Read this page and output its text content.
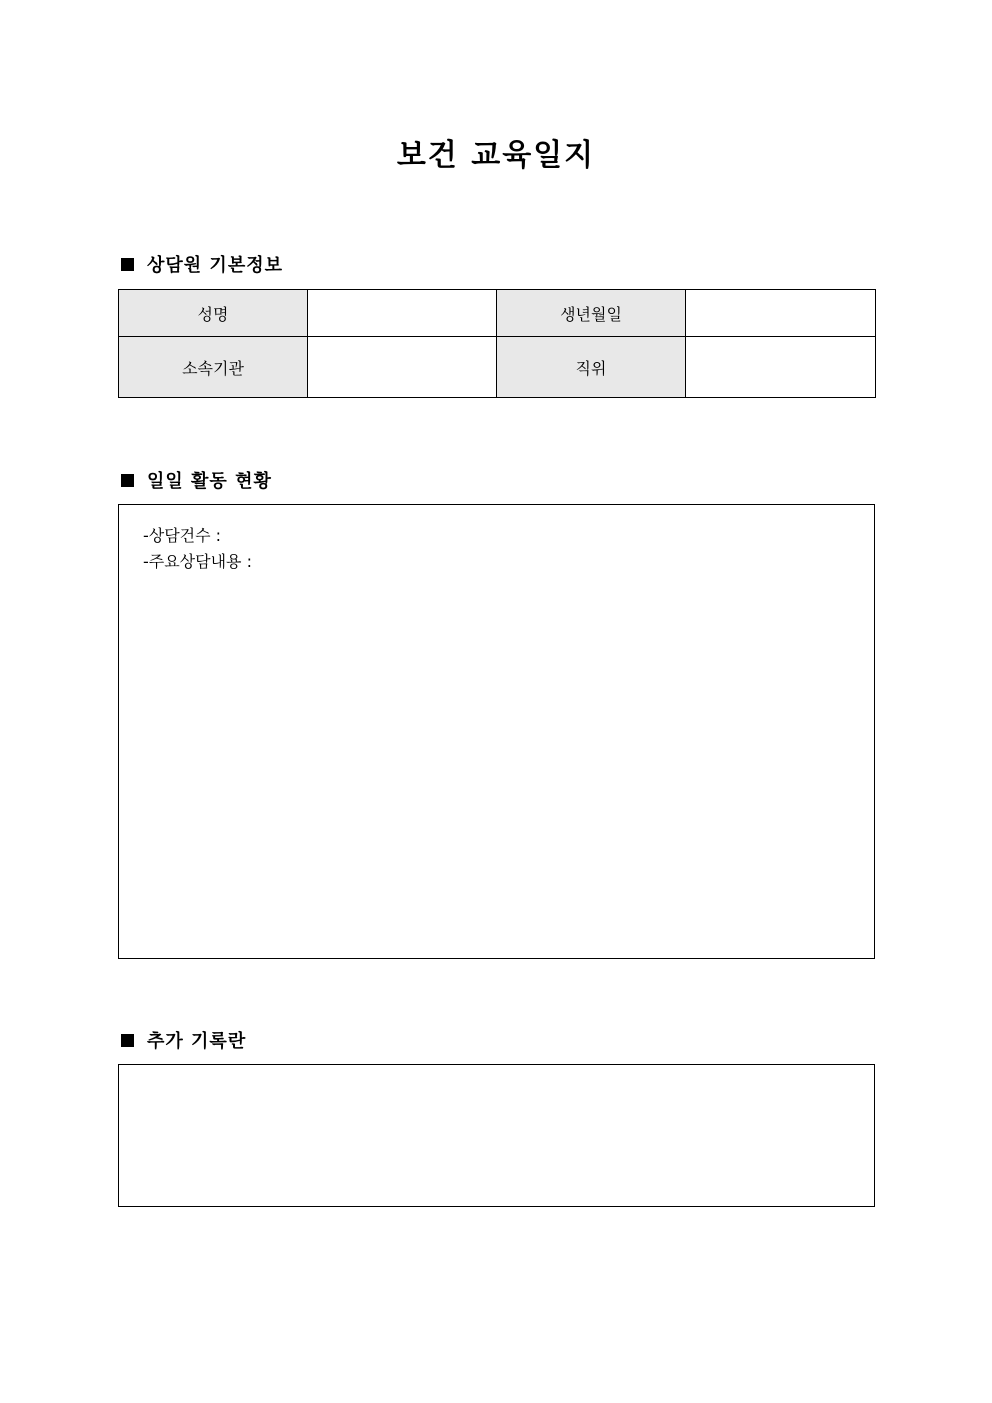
보건 교육일지
상담원 기본정보
성명		생년월일	
소속기관		직위	
일일 활동 현황
-상담건수 :
-주요상담내용 :
추가 기록란
